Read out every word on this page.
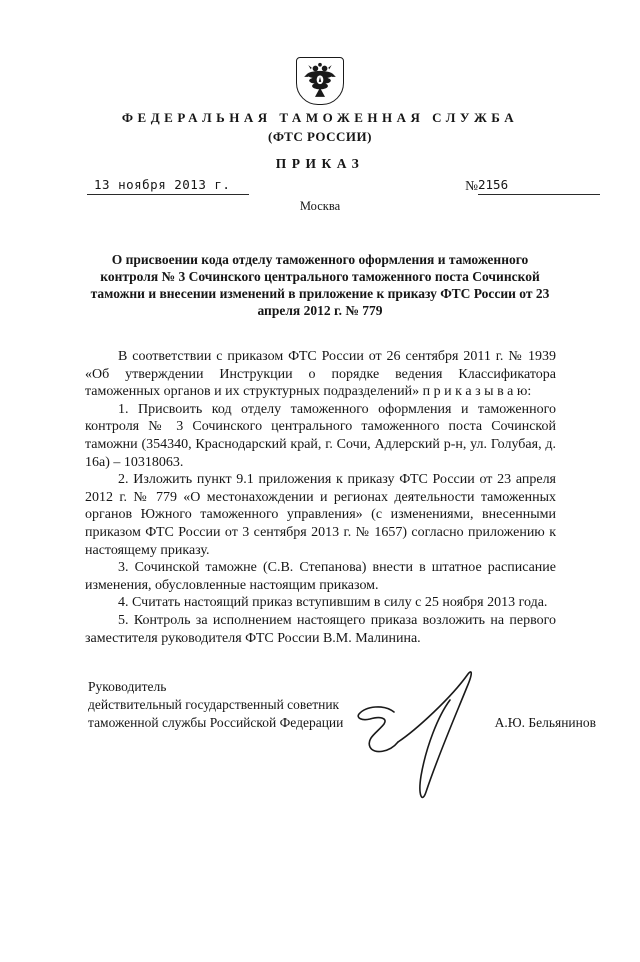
ФЕДЕРАЛЬНАЯ ТАМОЖЕННАЯ СЛУЖБА
(ФТС РОССИИ)
ПРИКАЗ
13 ноября 2013 г.	№ 2156
Москва
О присвоении кода отделу таможенного оформления и таможенного контроля № 3 Сочинского центрального таможенного поста Сочинской таможни и внесении изменений в приложение к приказу ФТС России от 23 апреля 2012 г. № 779

В соответствии с приказом ФТС России от 26 сентября 2011 г. № 1939 «Об утверждении Инструкции о порядке ведения Классификатора таможенных органов и их структурных подразделений» п р и к а з ы в а ю:

1. Присвоить код отделу таможенного оформления и таможенного контроля № 3 Сочинского центрального таможенного поста Сочинской таможни (354340, Краснодарский край, г. Сочи, Адлерский р-н, ул. Голубая, д. 16а) – 10318063.

2. Изложить пункт 9.1 приложения к приказу ФТС России от 23 апреля 2012 г. № 779 «О местонахождении и регионах деятельности таможенных органов Южного таможенного управления» (с изменениями, внесенными приказом ФТС России от 3 сентября 2013 г. № 1657) согласно приложению к настоящему приказу.

3. Сочинской таможне (С.В. Степанова) внести в штатное расписание изменения, обусловленные настоящим приказом.

4. Считать настоящий приказ вступившим в силу с 25 ноября 2013 года.

5. Контроль за исполнением настоящего приказа возложить на первого заместителя руководителя ФТС России В.М. Малинина.

Руководитель
действительный государственный советник
таможенной службы Российской Федерации	А.Ю. Бельянинов
